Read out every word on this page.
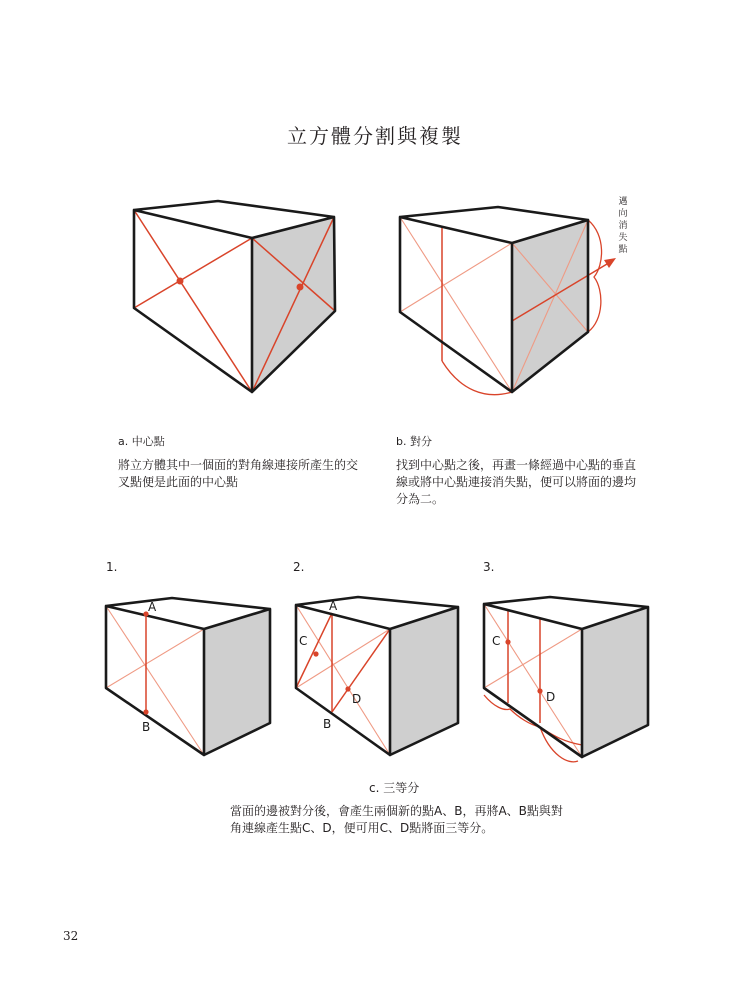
立方體分割與複製
邁向消失點
a. 中心點
將立方體其中一個面的對角線連接所產生的交叉點便是此面的中心點
b. 對分
找到中心點之後，再畫一條經過中心點的垂直線或將中心點連接消失點，便可以將面的邊均分為二。
1.	2.	3.
A
B
A
B
C
D
C
D
c. 三等分
當面的邊被對分後，會產生兩個新的點A、B，再將A、B點與對角連線產生點C、D，便可用C、D點將面三等分。
32
